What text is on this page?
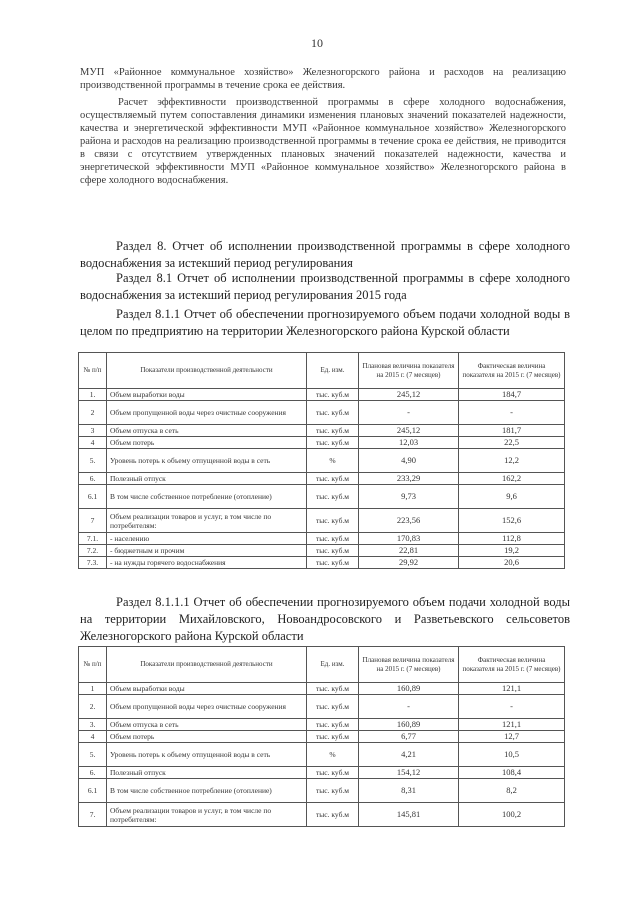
10
МУП «Районное коммунальное хозяйство» Железногорского района и расходов на реализацию производственной программы в течение срока ее действия.
Расчет эффективности производственной программы в сфере холодного водоснабжения, осуществляемый путем сопоставления динамики изменения плановых значений показателей надежности, качества и энергетической эффективности МУП «Районное коммунальное хозяйство» Железногорского района и расходов на реализацию производственной программы в течение срока ее действия, не приводится в связи с отсутствием утвержденных плановых значений показателей надежности, качества и энергетической эффективности МУП «Районное коммунальное хозяйство» Железногорского района в сфере холодного водоснабжения.
Раздел 8. Отчет об исполнении производственной программы в сфере холодного водоснабжения за истекший период регулирования
Раздел 8.1 Отчет об исполнении производственной программы в сфере холодного водоснабжения за истекший период регулирования 2015 года
Раздел 8.1.1 Отчет об обеспечении прогнозируемого объем подачи холодной воды в целом по предприятию на территории Железногорского района Курской области
№ п/п	Показатели производственной деятельности	Ед. изм.	Плановая величина показателя на 2015 г. (7 месяцев)	Фактическая величина показателя на 2015 г. (7 месяцев)
1.	Объем выработки воды	тыс. куб.м	245,12	184,7
2	Объем пропущенной воды через очистные сооружения	тыс. куб.м	-	-
3	Объем отпуска в сеть	тыс. куб.м	245,12	181,7
4	Объем потерь	тыс. куб.м	12,03	22,5
5.	Уровень потерь к объему отпущенной воды в сеть	%	4,90	12,2
6.	Полезный отпуск	тыс. куб.м	233,29	162,2
6.1	В том числе собственное потребление (отопление)	тыс. куб.м	9,73	9,6
7	Объем реализации товаров и услуг, в том числе по потребителям:	тыс. куб.м	223,56	152,6
7.1.	- населению	тыс. куб.м	170,83	112,8
7.2.	- бюджетным и прочим	тыс. куб.м	22,81	19,2
7.3.	- на нужды горячего водоснабжения	тыс. куб.м	29,92	20,6
Раздел 8.1.1.1 Отчет об обеспечении прогнозируемого объем подачи холодной воды на территории Михайловского, Новоандросовского и Разветьевского сельсоветов Железногорского района Курской области
№ п/п	Показатели производственной деятельности	Ед. изм.	Плановая величина показателя на 2015 г. (7 месяцев)	Фактическая величина показателя на 2015 г. (7 месяцев)
1	Объем выработки воды	тыс. куб.м	160,89	121,1
2.	Объем пропущенной воды через очистные сооружения	тыс. куб.м	-	-
3.	Объем отпуска в сеть	тыс. куб.м	160,89	121,1
4	Объем потерь	тыс. куб.м	6,77	12,7
5.	Уровень потерь к объему отпущенной воды в сеть	%	4,21	10,5
6.	Полезный отпуск	тыс. куб.м	154,12	108,4
6.1	В том числе собственное потребление (отопление)	тыс. куб.м	8,31	8,2
7.	Объем реализации товаров и услуг, в том числе по потребителям:	тыс. куб.м	145,81	100,2
